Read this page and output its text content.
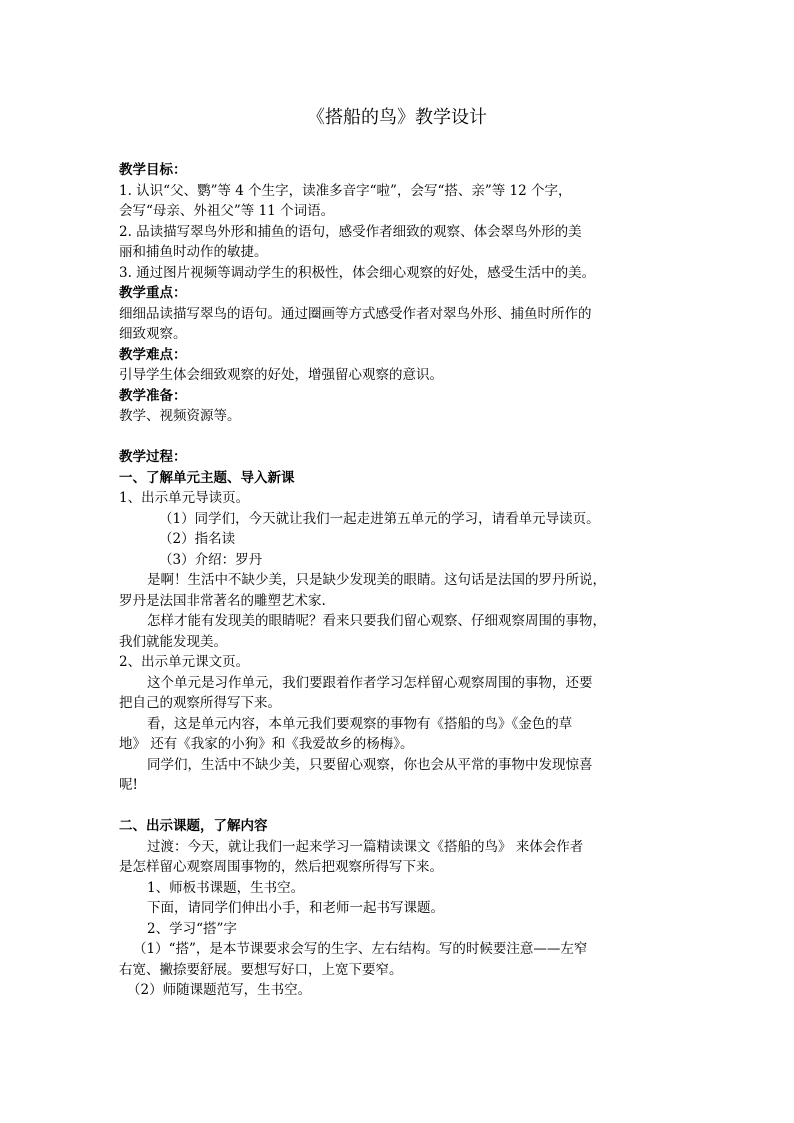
《搭船的鸟》教学设计
教学目标：
1. 认识“父、鹦”等 4 个生字，读准多音字“啦”，会写“搭、亲”等 12 个字，
会写“母亲、外祖父”等 11 个词语。
2. 品读描写翠鸟外形和捕鱼的语句，感受作者细致的观察、体会翠鸟外形的美
丽和捕鱼时动作的敏捷。
3. 通过图片视频等调动学生的积极性，体会细心观察的好处，感受生活中的美。
教学重点：
细细品读描写翠鸟的语句。通过圈画等方式感受作者对翠鸟外形、捕鱼时所作的
细致观察。
教学难点：
引导学生体会细致观察的好处，增强留心观察的意识。
教学准备：
教学、视频资源等。
教学过程：
一、了解单元主题、导入新课
1、出示单元导读页。
（1）同学们，今天就让我们一起走进第五单元的学习，请看单元导读页。
（2）指名读
（3）介绍：罗丹
是啊！生活中不缺少美，只是缺少发现美的眼睛。这句话是法国的罗丹所说，
罗丹是法国非常著名的雕塑艺术家.
怎样才能有发现美的眼睛呢？看来只要我们留心观察、仔细观察周围的事物，
我们就能发现美。
2、出示单元课文页。
这个单元是习作单元，我们要跟着作者学习怎样留心观察周围的事物，还要
把自己的观察所得写下来。
看，这是单元内容，本单元我们要观察的事物有《搭船的鸟》《金色的草
地》 还有《我家的小狗》和《我爱故乡的杨梅》。
同学们，生活中不缺少美，只要留心观察，你也会从平常的事物中发现惊喜
呢!
二、出示课题，了解内容
过渡：今天，就让我们一起来学习一篇精读课文《搭船的鸟》 来体会作者
是怎样留心观察周围事物的，然后把观察所得写下来。
1、师板书课题，生书空。
下面，请同学们伸出小手，和老师一起书写课题。
2、学习“搭”字
（1）“搭”，是本节课要求会写的生字、左右结构。写的时候要注意——左窄
右宽、撇捺要舒展。要想写好口，上宽下要窄。
（2）师随课题范写，生书空。
